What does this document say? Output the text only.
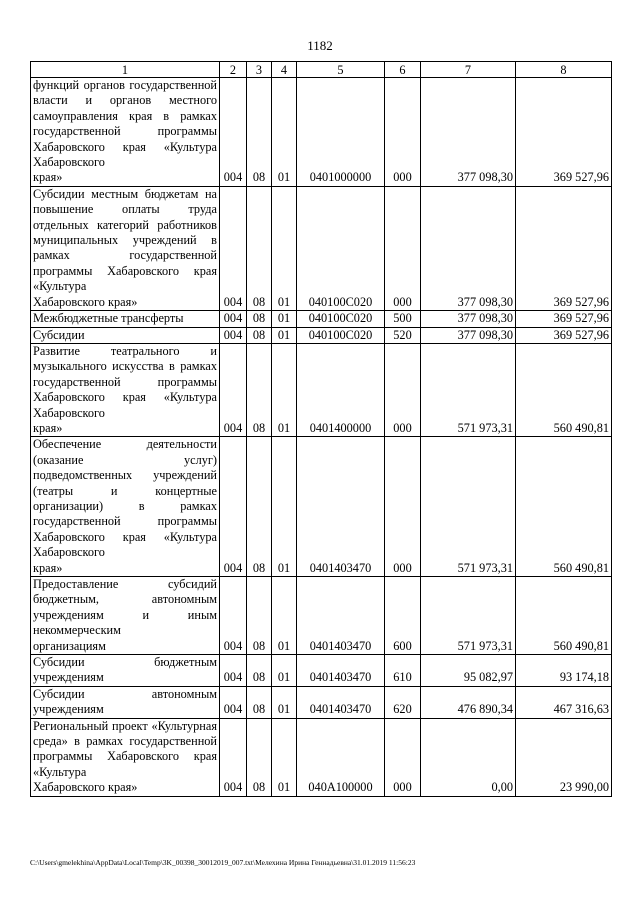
1182
1	2	3	4	5	6	7	8
функций органов государственной власти и органов местного самоуправления края в рамках государственной программы Хабаровского края «Культура Хабаровского
края»	004	08	01	0401000000	000	377 098,30	369 527,96
Субсидии местным бюджетам на повышение оплаты труда отдельных категорий работников муниципальных учреждений в рамках государственной программы Хабаровского края «Культура
Хабаровского края»	004	08	01	040100C020	000	377 098,30	369 527,96

Межбюджетные трансферты	004	08	01	040100C020	500	377 098,30	369 527,96

Субсидии	004	08	01	040100C020	520	377 098,30	369 527,96
Развитие театрального и музыкального искусства в рамках государственной программы Хабаровского края «Культура Хабаровского
края»	004	08	01	0401400000	000	571 973,31	560 490,81
Обеспечение деятельности (оказание услуг) подведомственных учреждений (театры и концертные организации) в рамках государственной программы Хабаровского края «Культура Хабаровского
края»	004	08	01	0401403470	000	571 973,31	560 490,81
Предоставление субсидий бюджетным, автономным учреждениям и иным некоммерческим
организациям	004	08	01	0401403470	600	571 973,31	560 490,81
Субсидии бюджетным
учреждениям	004	08	01	0401403470	610	95 082,97	93 174,18
Субсидии автономным
учреждениям	004	08	01	0401403470	620	476 890,34	467 316,63
Региональный проект «Культурная среда» в рамках государственной программы Хабаровского края «Культура
Хабаровского края»	004	08	01	040A100000	000	0,00	23 990,00
C:\Users\gmelekhina\AppData\Local\Temp\3K_00398_30012019_007.txt\Мелехина Ирина Геннадьевна\31.01.2019 11:56:23
